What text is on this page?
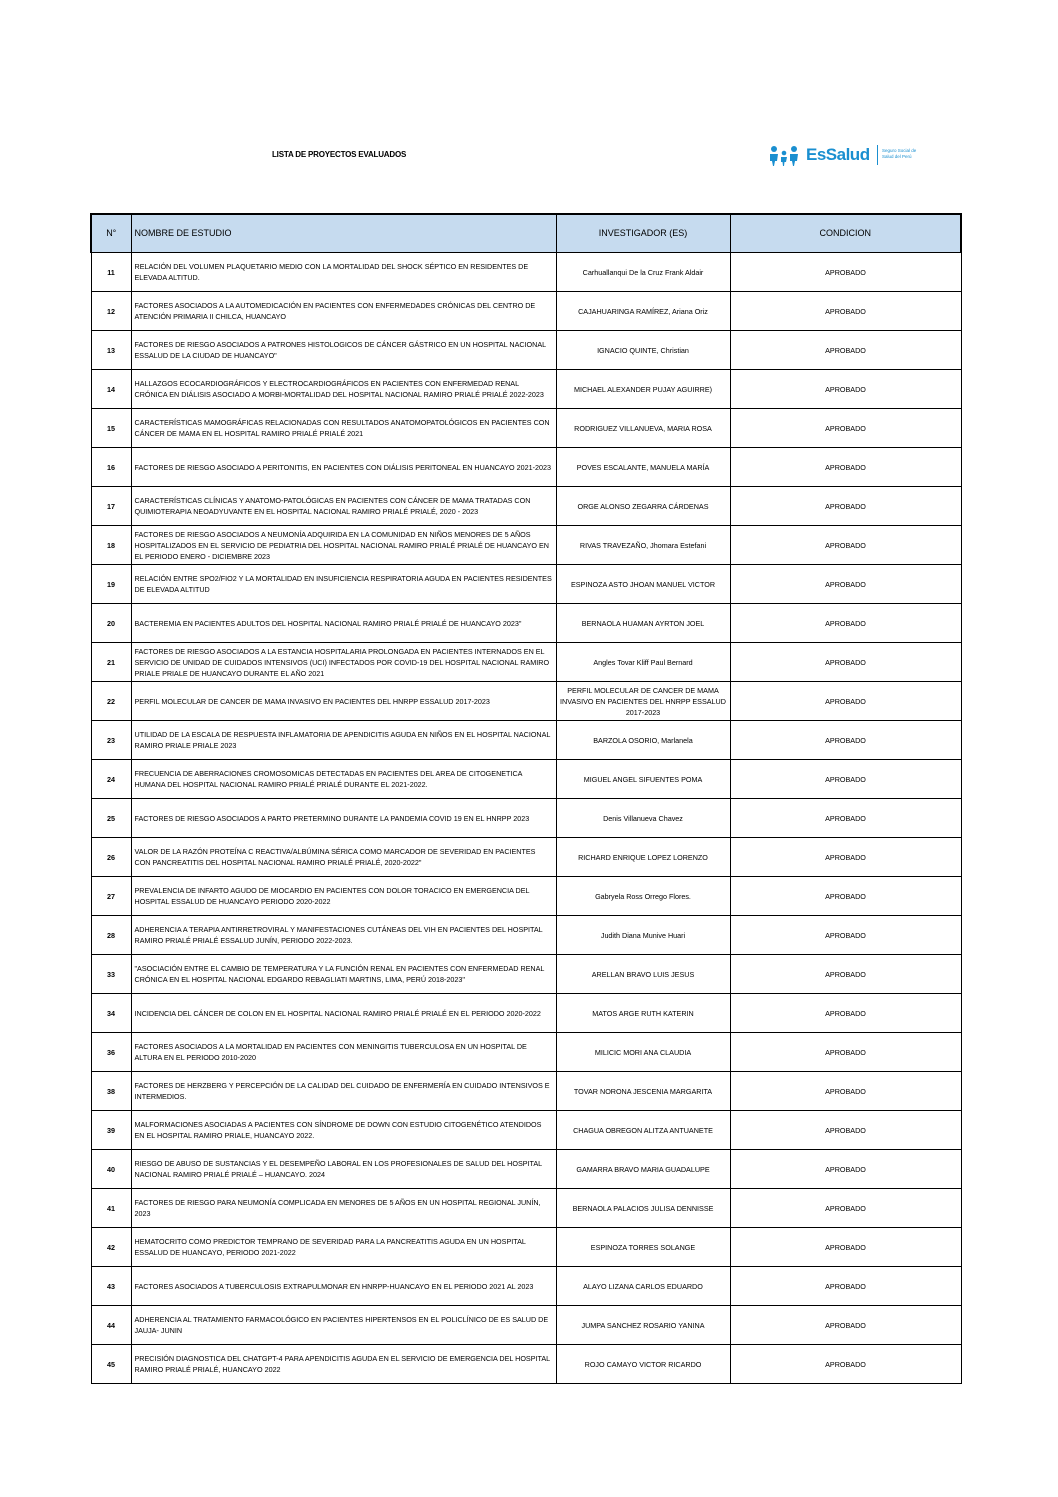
LISTA DE PROYECTOS EVALUADOS	EsSalud	Seguro Social de Salud del Perú
N°	NOMBRE DE ESTUDIO	INVESTIGADOR (ES)	CONDICION
11	RELACIÓN DEL VOLUMEN PLAQUETARIO MEDIO CON LA MORTALIDAD DEL SHOCK SÉPTICO EN RESIDENTES DE ELEVADA ALTITUD.	Carhuallanqui De la Cruz Frank Aldair	APROBADO
12	FACTORES ASOCIADOS A LA AUTOMEDICACIÓN EN PACIENTES CON ENFERMEDADES CRÓNICAS DEL CENTRO DE ATENCIÓN PRIMARIA II CHILCA, HUANCAYO	CAJAHUARINGA RAMÍREZ, Ariana Oriz	APROBADO
13	FACTORES DE RIESGO ASOCIADOS A PATRONES HISTOLOGICOS DE CÁNCER GÁSTRICO EN UN HOSPITAL NACIONAL ESSALUD DE LA CIUDAD DE HUANCAYO"	IGNACIO QUINTE, Christian	APROBADO
14	HALLAZGOS ECOCARDIOGRÁFICOS Y ELECTROCARDIOGRÁFICOS EN PACIENTES CON ENFERMEDAD RENAL CRÓNICA EN DIÁLISIS ASOCIADO A MORBI-MORTALIDAD DEL HOSPITAL NACIONAL RAMIRO PRIALÉ PRIALÉ 2022-2023	MICHAEL ALEXANDER PUJAY AGUIRRE)	APROBADO
15	CARACTERÍSTICAS MAMOGRÁFICAS RELACIONADAS CON RESULTADOS ANATOMOPATOLÓGICOS EN PACIENTES CON CÁNCER DE MAMA EN EL HOSPITAL RAMIRO PRIALÉ PRIALÉ 2021	RODRIGUEZ VILLANUEVA, MARIA ROSA	APROBADO
16	FACTORES DE RIESGO ASOCIADO A PERITONITIS, EN PACIENTES CON DIÁLISIS PERITONEAL EN HUANCAYO 2021-2023	POVES ESCALANTE, MANUELA MARÍA	APROBADO
17	CARACTERÍSTICAS CLÍNICAS Y ANATOMO-PATOLÓGICAS EN PACIENTES CON CÁNCER DE MAMA TRATADAS CON QUIMIOTERAPIA NEOADYUVANTE EN EL HOSPITAL NACIONAL RAMIRO PRIALÉ PRIALÉ, 2020 - 2023	ORGE ALONSO ZEGARRA CÁRDENAS	APROBADO
18	FACTORES DE RIESGO ASOCIADOS A NEUMONÍA ADQUIRIDA EN LA COMUNIDAD EN NIÑOS MENORES DE 5 AÑOS HOSPITALIZADOS EN EL SERVICIO DE PEDIATRIA DEL HOSPITAL NACIONAL RAMIRO PRIALÉ PRIALÉ DE HUANCAYO EN EL PERIODO ENERO - DICIEMBRE 2023	RIVAS TRAVEZAÑO, Jhomara Estefani	APROBADO
19	RELACIÓN ENTRE SPO2/FIO2 Y LA MORTALIDAD EN INSUFICIENCIA RESPIRATORIA AGUDA EN PACIENTES RESIDENTES DE ELEVADA ALTITUD	ESPINOZA ASTO JHOAN MANUEL VICTOR	APROBADO
20	BACTEREMIA EN PACIENTES ADULTOS DEL HOSPITAL NACIONAL RAMIRO PRIALÉ PRIALÉ DE HUANCAYO 2023"	BERNAOLA HUAMAN AYRTON JOEL	APROBADO
21	FACTORES DE RIESGO ASOCIADOS A LA ESTANCIA HOSPITALARIA PROLONGADA EN PACIENTES INTERNADOS EN EL SERVICIO DE UNIDAD DE CUIDADOS INTENSIVOS (UCI) INFECTADOS POR COVID-19 DEL HOSPITAL NACIONAL RAMIRO PRIALE PRIALE DE HUANCAYO DURANTE EL AÑO 2021	Angles Tovar Kliff Paul Bernard	APROBADO
22	PERFIL MOLECULAR DE CANCER DE MAMA INVASIVO EN PACIENTES DEL HNRPP ESSALUD 2017-2023	PERFIL MOLECULAR DE CANCER DE MAMA INVASIVO EN PACIENTES DEL HNRPP ESSALUD 2017-2023	APROBADO
23	UTILIDAD DE LA ESCALA DE RESPUESTA INFLAMATORIA DE APENDICITIS AGUDA EN NIÑOS EN EL HOSPITAL NACIONAL RAMIRO PRIALE PRIALE 2023	BARZOLA OSORIO, Marlanela	APROBADO
24	FRECUENCIA DE ABERRACIONES CROMOSOMICAS DETECTADAS EN PACIENTES DEL AREA DE CITOGENETICA HUMANA DEL HOSPITAL NACIONAL RAMIRO PRIALÉ PRIALÉ DURANTE EL 2021-2022.	MIGUEL ANGEL SIFUENTES POMA	APROBADO
25	FACTORES DE RIESGO ASOCIADOS A PARTO PRETERMINO DURANTE LA PANDEMIA COVID 19 EN EL HNRPP 2023	Denis Villanueva Chavez	APROBADO
26	VALOR DE LA RAZÓN PROTEÍNA C REACTIVA/ALBÚMINA SÉRICA COMO MARCADOR DE SEVERIDAD EN PACIENTES CON PANCREATITIS DEL HOSPITAL NACIONAL RAMIRO PRIALÉ PRIALÉ, 2020-2022"	RICHARD ENRIQUE LOPEZ LORENZO	APROBADO
27	PREVALENCIA DE INFARTO AGUDO DE MIOCARDIO EN PACIENTES CON DOLOR TORACICO EN EMERGENCIA DEL HOSPITAL ESSALUD DE HUANCAYO PERIODO 2020-2022	Gabryela Ross Orrego Flores.	APROBADO
28	ADHERENCIA A TERAPIA ANTIRRETROVIRAL Y MANIFESTACIONES CUTÁNEAS DEL VIH EN PACIENTES DEL HOSPITAL RAMIRO PRIALÉ PRIALÉ ESSALUD JUNÍN, PERIODO 2022-2023.	Judith Diana Munive Huari	APROBADO
33	"ASOCIACIÓN ENTRE EL CAMBIO DE TEMPERATURA Y LA FUNCIÓN RENAL EN PACIENTES CON ENFERMEDAD RENAL CRÓNICA EN EL HOSPITAL NACIONAL EDGARDO REBAGLIATI MARTINS, LIMA, PERÚ 2018-2023"	ARELLAN BRAVO LUIS JESUS	APROBADO
34	INCIDENCIA DEL CÁNCER DE COLON EN EL HOSPITAL NACIONAL RAMIRO PRIALÉ PRIALÉ EN EL PERIODO 2020-2022	MATOS ARGE RUTH KATERIN	APROBADO
36	FACTORES ASOCIADOS A LA MORTALIDAD EN PACIENTES CON MENINGITIS TUBERCULOSA EN UN HOSPITAL DE ALTURA EN EL PERIODO 2010-2020	MILICIC MORI ANA CLAUDIA	APROBADO
38	FACTORES DE HERZBERG Y PERCEPCIÓN DE LA CALIDAD DEL CUIDADO DE ENFERMERÍA EN CUIDADO INTENSIVOS E INTERMEDIOS.	TOVAR NORONA JESCENIA MARGARITA	APROBADO
39	MALFORMACIONES ASOCIADAS A PACIENTES CON SÍNDROME DE DOWN CON ESTUDIO CITOGENÉTICO ATENDIDOS EN EL HOSPITAL RAMIRO PRIALE, HUANCAYO 2022.	CHAGUA OBREGON ALITZA ANTUANETE	APROBADO
40	RIESGO DE ABUSO DE SUSTANCIAS Y EL DESEMPEÑO LABORAL EN LOS PROFESIONALES DE SALUD DEL HOSPITAL NACIONAL RAMIRO PRIALÉ PRIALÉ – HUANCAYO. 2024	GAMARRA BRAVO MARIA GUADALUPE	APROBADO
41	FACTORES DE RIESGO PARA NEUMONÍA COMPLICADA EN MENORES DE 5 AÑOS EN UN HOSPITAL REGIONAL JUNÍN, 2023	BERNAOLA PALACIOS JULISA DENNISSE	APROBADO
42	HEMATOCRITO COMO PREDICTOR TEMPRANO DE SEVERIDAD PARA LA PANCREATITIS AGUDA EN UN HOSPITAL ESSALUD DE HUANCAYO, PERIODO 2021-2022	ESPINOZA TORRES SOLANGE	APROBADO
43	FACTORES ASOCIADOS A TUBERCULOSIS EXTRAPULMONAR EN HNRPP-HUANCAYO EN EL PERIODO 2021 AL 2023	ALAYO LIZANA CARLOS EDUARDO	APROBADO
44	ADHERENCIA AL TRATAMIENTO FARMACOLÓGICO EN PACIENTES HIPERTENSOS EN EL POLICLÍNICO DE ES SALUD DE JAUJA- JUNIN	JUMPA SANCHEZ ROSARIO YANINA	APROBADO
45	PRECISIÓN DIAGNOSTICA DEL CHATGPT-4 PARA APENDICITIS AGUDA EN EL SERVICIO DE EMERGENCIA DEL HOSPITAL RAMIRO PRIALÉ PRIALÉ, HUANCAYO 2022	ROJO CAMAYO VICTOR RICARDO	APROBADO
